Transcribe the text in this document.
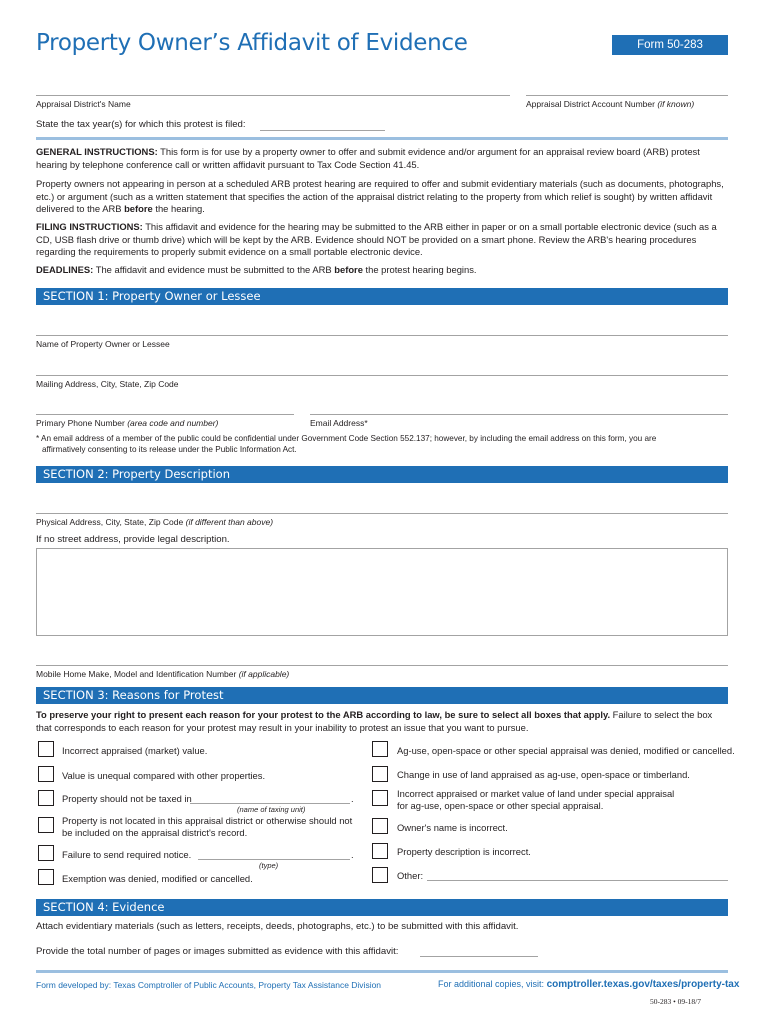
Property Owner’s Affidavit of Evidence	Form 50-283
Appraisal District's Name	Appraisal District Account Number (if known)
State the tax year(s) for which this protest is filed:
GENERAL INSTRUCTIONS: This form is for use by a property owner to offer and submit evidence and/or argument for an appraisal review board (ARB) protest hearing by telephone conference call or written affidavit pursuant to Tax Code Section 41.45.
Property owners not appearing in person at a scheduled ARB protest hearing are required to offer and submit evidentiary materials (such as documents, photographs, etc.) or argument (such as a written statement that specifies the action of the appraisal district relating to the property from which relief is sought) by written affidavit delivered to the ARB before the hearing.
FILING INSTRUCTIONS: This affidavit and evidence for the hearing may be submitted to the ARB either in paper or on a small portable electronic device (such as a CD, USB flash drive or thumb drive) which will be kept by the ARB. Evidence should NOT be provided on a smart phone. Review the ARB's hearing procedures regarding the requirements to properly submit evidence on a small portable electronic device.
DEADLINES: The affidavit and evidence must be submitted to the ARB before the protest hearing begins.
SECTION 1: Property Owner or Lessee
Name of Property Owner or Lessee
Mailing Address, City, State, Zip Code
Primary Phone Number (area code and number)	Email Address*
* An email address of a member of the public could be confidential under Government Code Section 552.137; however, by including the email address on this form, you are
affirmatively consenting to its release under the Public Information Act.
SECTION 2: Property Description
Physical Address, City, State, Zip Code (if different than above)
If no street address, provide legal description.
Mobile Home Make, Model and Identification Number (if applicable)
SECTION 3: Reasons for Protest
To preserve your right to present each reason for your protest to the ARB according to law, be sure to select all boxes that apply. Failure to select the box that corresponds to each reason for your protest may result in your inability to protest an issue that you want to pursue.
Incorrect appraised (market) value.
Value is unequal compared with other properties.
Property should not be taxed in	.
(name of taxing unit)
Property is not located in this appraisal district or otherwise should not
be included on the appraisal district's record.
Failure to send required notice.	.
(type)
Exemption was denied, modified or cancelled.
Ag-use, open-space or other special appraisal was denied, modified or cancelled.
Change in use of land appraised as ag-use, open-space or timberland.
Incorrect appraised or market value of land under special appraisal
for ag-use, open-space or other special appraisal.
Owner's name is incorrect.
Property description is incorrect.
Other:
SECTION 4: Evidence
Attach evidentiary materials (such as letters, receipts, deeds, photographs, etc.) to be submitted with this affidavit.
Provide the total number of pages or images submitted as evidence with this affidavit:
Form developed by: Texas Comptroller of Public Accounts, Property Tax Assistance Division	For additional copies, visit: comptroller.texas.gov/taxes/property-tax
50-283 • 09-18/7
